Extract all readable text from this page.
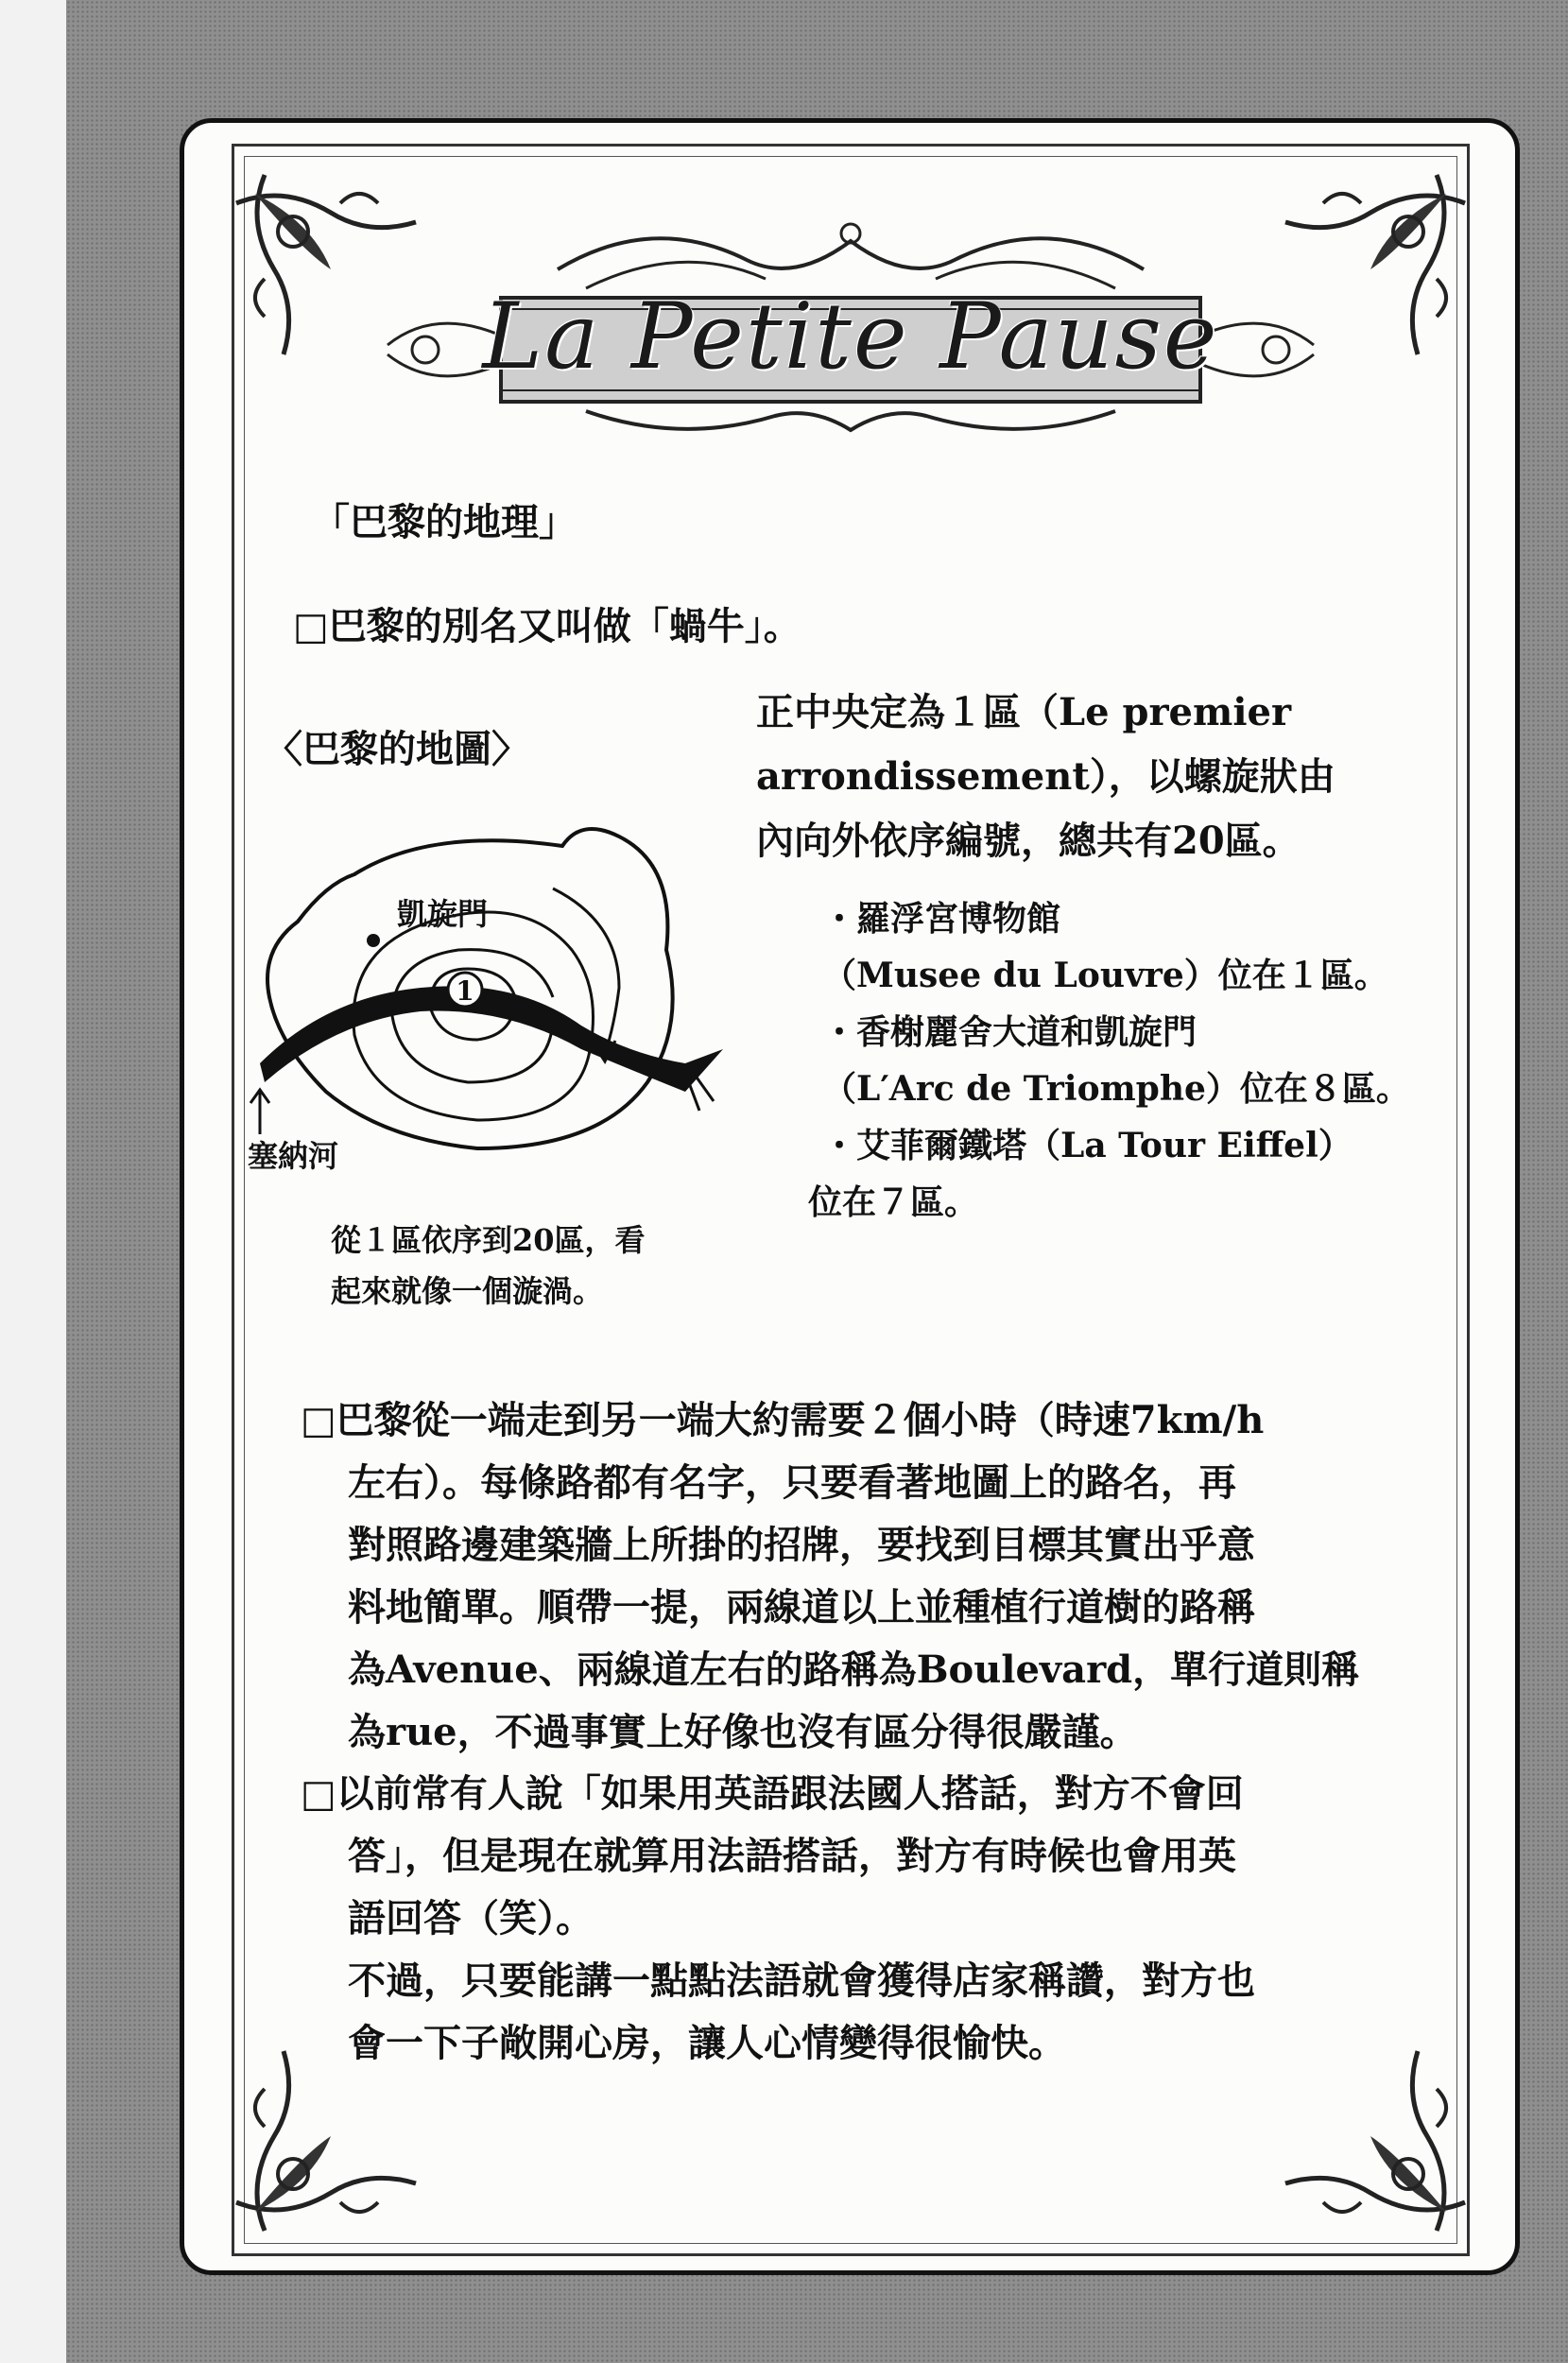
La Petite Pause
「巴黎的地理」
□巴黎的別名又叫做「蝸牛」。
〈巴黎的地圖〉
正中央定為１區（Le premier
arrondissement），以螺旋狀由
內向外依序編號，總共有20區。
・羅浮宮博物館
（Musee du Louvre）位在１區。
・香榭麗舍大道和凱旋門
（L′Arc de Triomphe）位在８區。
・艾菲爾鐵塔（La Tour Eiffel）
位在７區。
1
凱旋門
塞納河
從１區依序到20區，看
起來就像一個漩渦。
□巴黎從一端走到另一端大約需要２個小時（時速7km/h
左右）。每條路都有名字，只要看著地圖上的路名，再
對照路邊建築牆上所掛的招牌，要找到目標其實出乎意
料地簡單。順帶一提，兩線道以上並種植行道樹的路稱
為Avenue、兩線道左右的路稱為Boulevard，單行道則稱
為rue，不過事實上好像也沒有區分得很嚴謹。
□以前常有人說「如果用英語跟法國人搭話，對方不會回
答」，但是現在就算用法語搭話，對方有時候也會用英
語回答（笑）。
不過，只要能講一點點法語就會獲得店家稱讚，對方也
會一下子敞開心房，讓人心情變得很愉快。
